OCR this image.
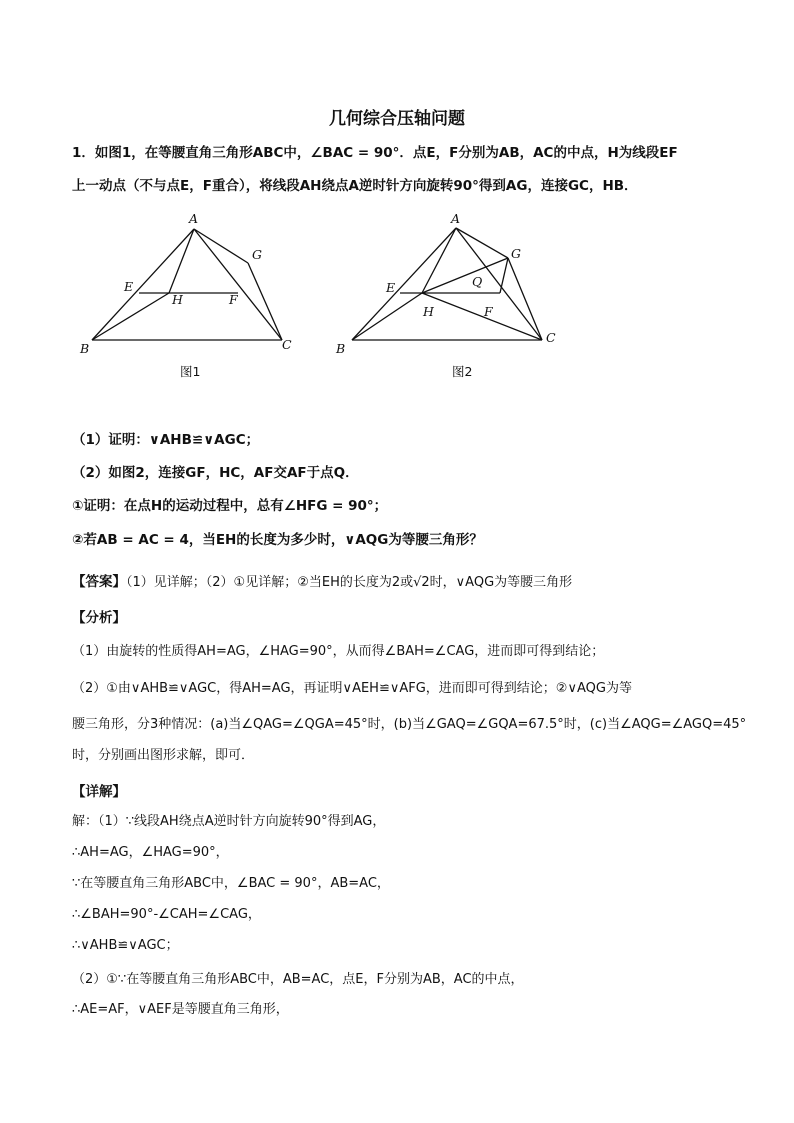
几何综合压轴问题
1．如图1，在等腰直角三角形ABC中，∠BAC = 90°．点E，F分别为AB，AC的中点，H为线段EF
上一动点（不与点E，F重合），将线段AH绕点A逆时针方向旋转90°得到AG，连接GC，HB．
A
B	C
E
F
G
H
图1
A
B
C
E
F
G
H
Q
图2
（1）证明：∨AHB≌∨AGC；
（2）如图2，连接GF，HC，AF交AF于点Q．
①证明：在点H的运动过程中，总有∠HFG = 90°；
②若AB = AC = 4，当EH的长度为多少时，∨AQG为等腰三角形？
【答案】（1）见详解；（2）①见详解；②当EH的长度为2或√2时，∨AQG为等腰三角形
【分析】
（1）由旋转的性质得AH=AG，∠HAG=90°，从而得∠BAH=∠CAG，进而即可得到结论；
（2）①由∨AHB≌∨AGC，得AH=AG，再证明∨AEH≌∨AFG，进而即可得到结论；②∨AQG为等
腰三角形，分3种情况：(a)当∠QAG=∠QGA=45°时，(b)当∠GAQ=∠GQA=67.5°时，(c)当∠AQG=∠AGQ=45°
时，分别画出图形求解，即可．
【详解】
解：（1）∵线段AH绕点A逆时针方向旋转90°得到AG，
∴AH=AG，∠HAG=90°，
∵在等腰直角三角形ABC中，∠BAC = 90°，AB=AC，
∴∠BAH=90°-∠CAH=∠CAG，
∴∨AHB≌∨AGC；
（2）①∵在等腰直角三角形ABC中，AB=AC，点E，F分别为AB，AC的中点，
∴AE=AF，∨AEF是等腰直角三角形，
